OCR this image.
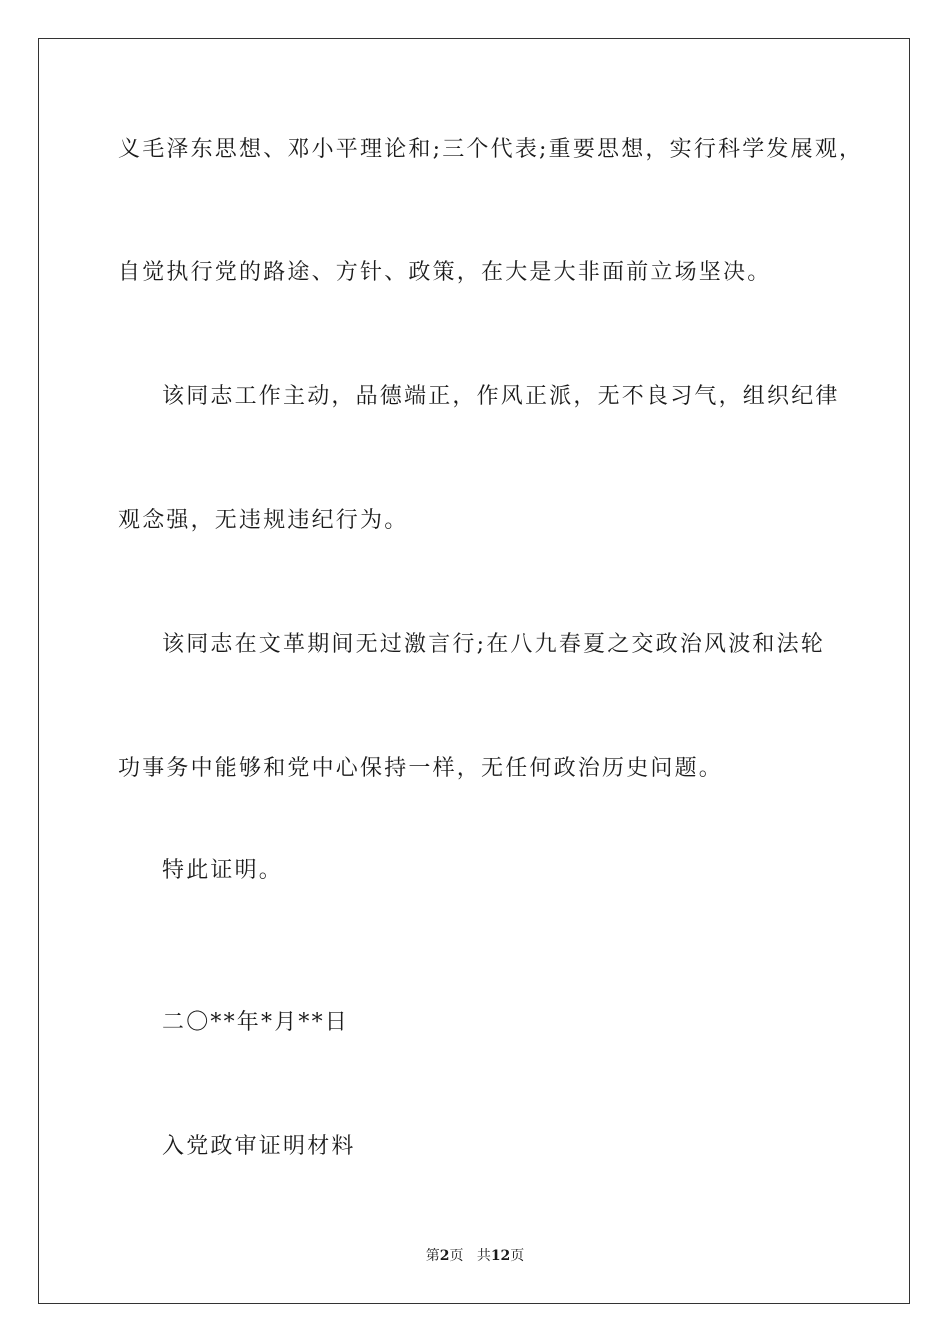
义毛泽东思想、邓小平理论和;三个代表;重要思想，实行科学发展观，
自觉执行党的路途、方针、政策，在大是大非面前立场坚决。
该同志工作主动，品德端正，作风正派，无不良习气，组织纪律
观念强，无违规违纪行为。
该同志在文革期间无过激言行;在八九春夏之交政治风波和法轮
功事务中能够和党中心保持一样，无任何政治历史问题。
特此证明。
二〇**年*月**日
入党政审证明材料
第2页 共12页
